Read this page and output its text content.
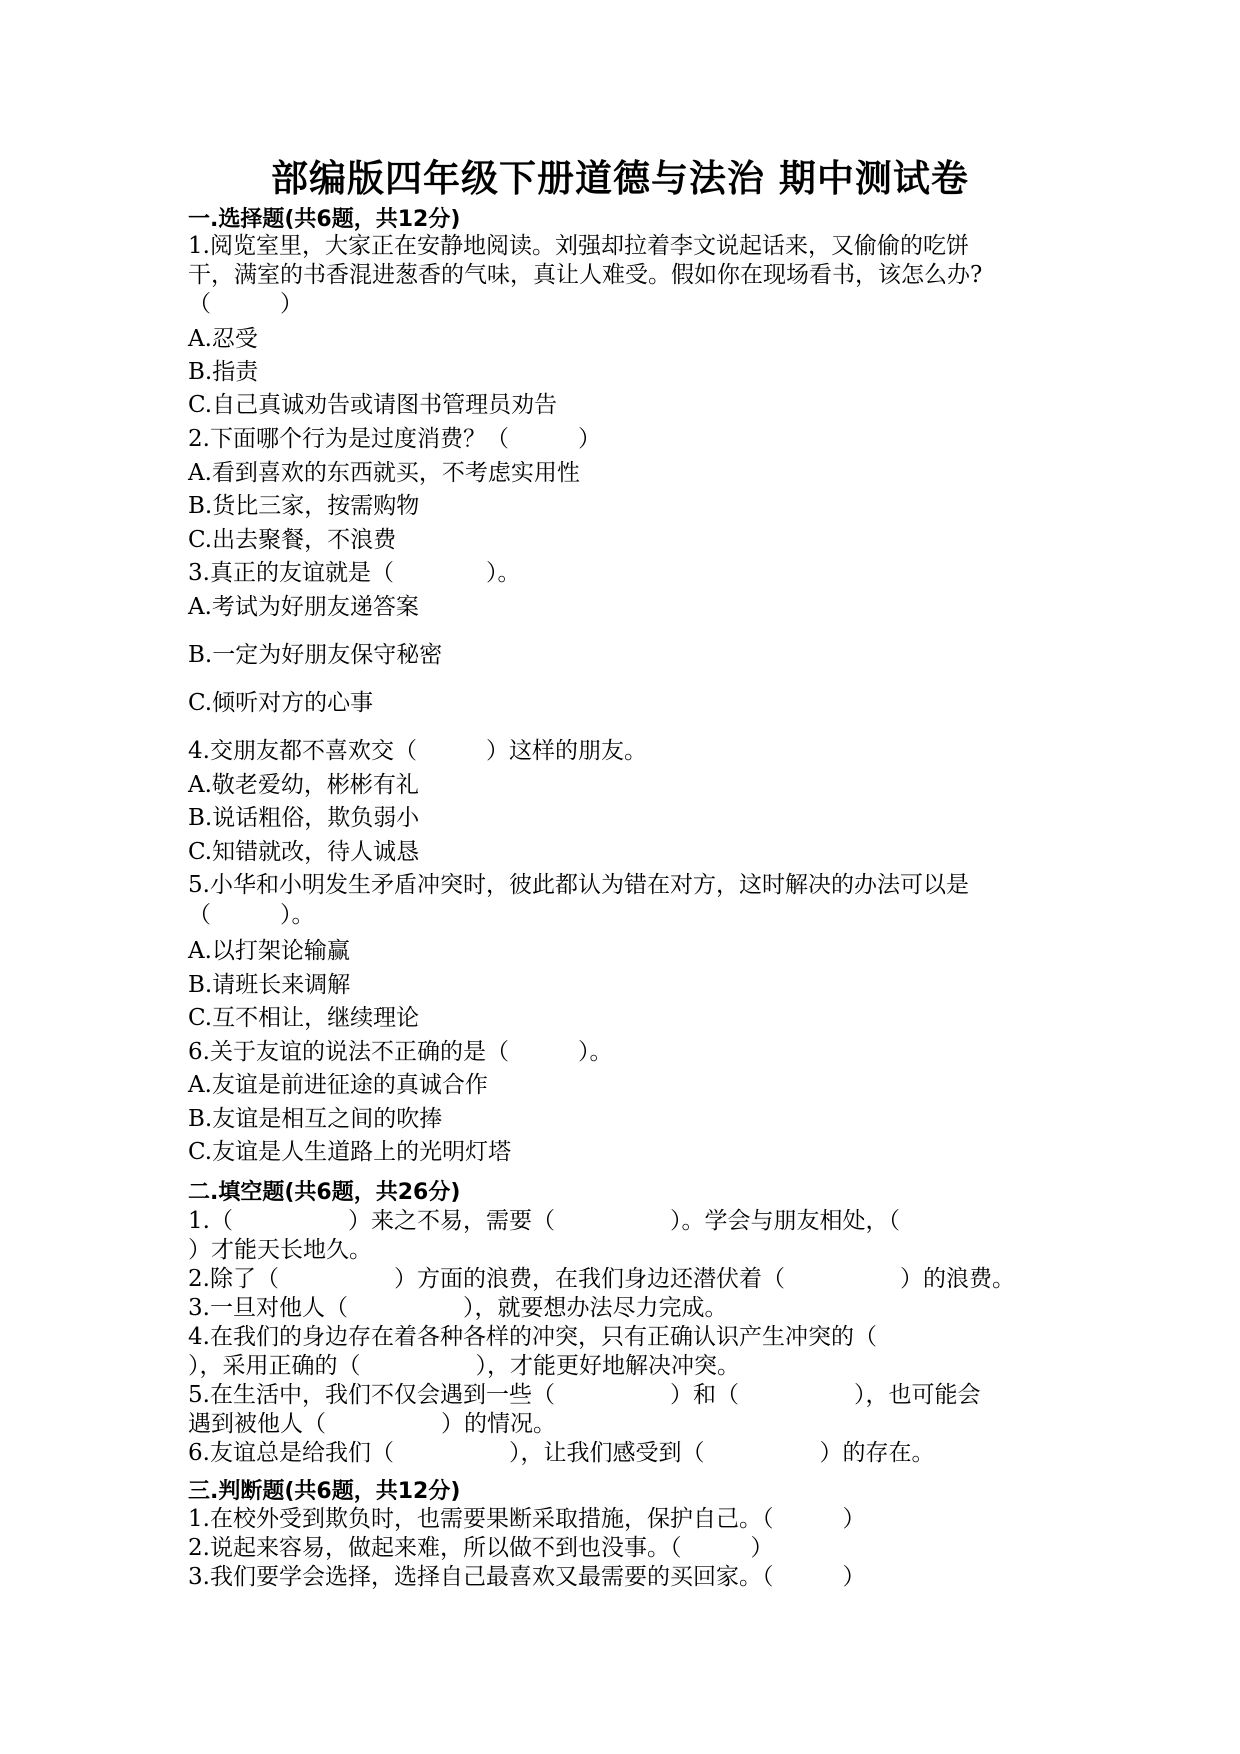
部编版四年级下册道德与法治 期中测试卷
一.选择题(共6题，共12分)
1.阅览室里，大家正在安静地阅读。刘强却拉着李文说起话来，又偷偷的吃饼
干，满室的书香混进葱香的气味，真让人难受。假如你在现场看书，该怎么办?
（　　　）
A.忍受
B.指责
C.自己真诚劝告或请图书管理员劝告
2.下面哪个行为是过度消费？（　　　）
A.看到喜欢的东西就买，不考虑实用性
B.货比三家，按需购物
C.出去聚餐，不浪费
3.真正的友谊就是（　　　　）。
A.考试为好朋友递答案
B.一定为好朋友保守秘密
C.倾听对方的心事
4.交朋友都不喜欢交（　　　）这样的朋友。
A.敬老爱幼，彬彬有礼
B.说话粗俗，欺负弱小
C.知错就改，待人诚恳
5.小华和小明发生矛盾冲突时，彼此都认为错在对方，这时解决的办法可以是
（　　　）。
A.以打架论输赢
B.请班长来调解
C.互不相让，继续理论
6.关于友谊的说法不正确的是（　　　）。
A.友谊是前进征途的真诚合作
B.友谊是相互之间的吹捧
C.友谊是人生道路上的光明灯塔
二.填空题(共6题，共26分)
1.（　　　　　）来之不易，需要（　　　　　）。学会与朋友相处，（
）才能天长地久。
2.除了（　　　　　）方面的浪费，在我们身边还潜伏着（　　　　　）的浪费。
3.一旦对他人（　　　　　），就要想办法尽力完成。
4.在我们的身边存在着各种各样的冲突，只有正确认识产生冲突的（
），采用正确的（　　　　　），才能更好地解决冲突。
5.在生活中，我们不仅会遇到一些（　　　　　）和（　　　　　），也可能会
遇到被他人（　　　　　）的情况。
6.友谊总是给我们（　　　　　），让我们感受到（　　　　　）的存在。
三.判断题(共6题，共12分)
1.在校外受到欺负时，也需要果断采取措施，保护自己。（　　　）
2.说起来容易，做起来难，所以做不到也没事。（　　　）
3.我们要学会选择，选择自己最喜欢又最需要的买回家。（　　　）
